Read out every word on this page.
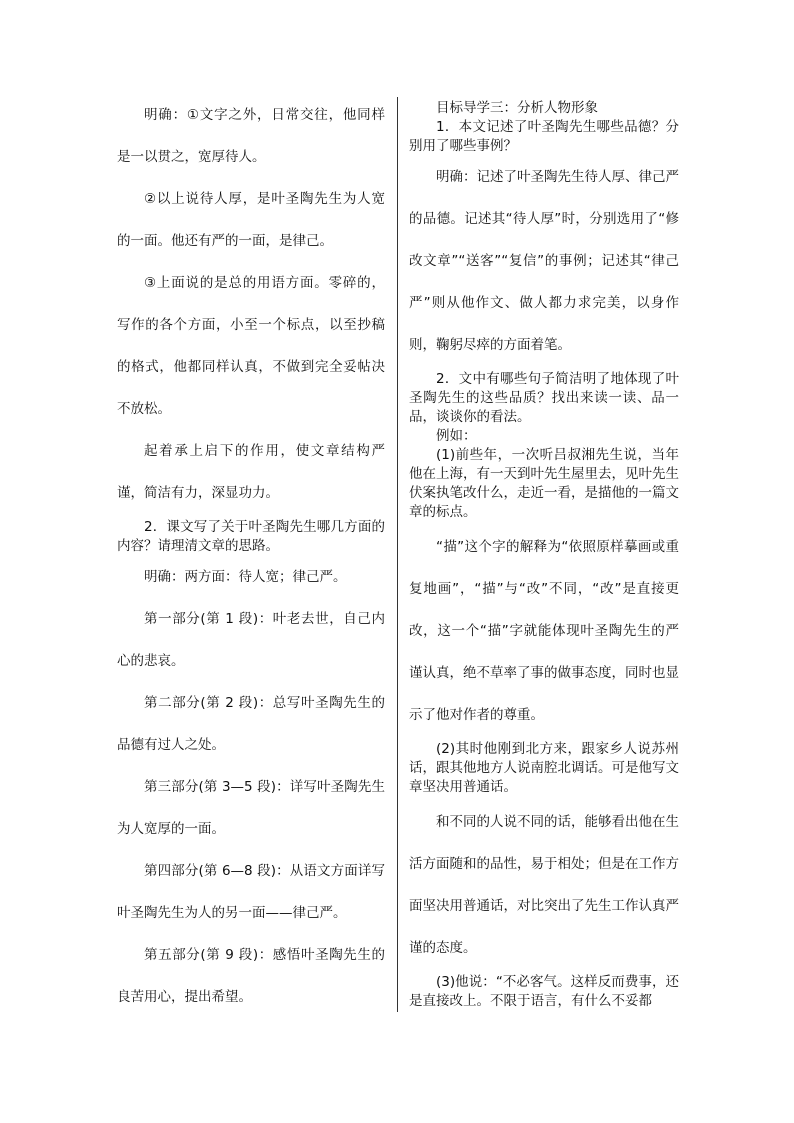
明确：①文字之外，日常交往，他同样是一以贯之，宽厚待人。

②以上说待人厚，是叶圣陶先生为人宽的一面。他还有严的一面，是律己。

③上面说的是总的用语方面。零碎的，写作的各个方面，小至一个标点，以至抄稿的格式，他都同样认真，不做到完全妥帖决不放松。

起着承上启下的作用，使文章结构严谨，简洁有力，深显功力。

2．课文写了关于叶圣陶先生哪几方面的内容？请理清文章的思路。

明确：两方面：待人宽；律己严。

第一部分(第 1 段)：叶老去世，自己内心的悲哀。

第二部分(第 2 段)：总写叶圣陶先生的品德有过人之处。

第三部分(第 3—5 段)：详写叶圣陶先生为人宽厚的一面。

第四部分(第 6—8 段)：从语文方面详写叶圣陶先生为人的另一面——律己严。

第五部分(第 9 段)：感悟叶圣陶先生的良苦用心，提出希望。

目标导学三：分析人物形象

1．本文记述了叶圣陶先生哪些品德？分别用了哪些事例？

明确：记述了叶圣陶先生待人厚、律己严的品德。记述其“待人厚”时，分别选用了“修改文章”“送客”“复信”的事例；记述其“律己严”则从他作文、做人都力求完美，以身作则，鞠躬尽瘁的方面着笔。

2．文中有哪些句子简洁明了地体现了叶圣陶先生的这些品质？找出来读一读、品一品，谈谈你的看法。

例如：

(1)前些年，一次听吕叔湘先生说，当年他在上海，有一天到叶先生屋里去，见叶先生伏案执笔改什么，走近一看，是描他的一篇文章的标点。

“描”这个字的解释为“依照原样摹画或重复地画”，“描”与“改”不同，“改”是直接更改，这一个“描”字就能体现叶圣陶先生的严谨认真，绝不草率了事的做事态度，同时也显示了他对作者的尊重。

(2)其时他刚到北方来，跟家乡人说苏州话，跟其他地方人说南腔北调话。可是他写文章坚决用普通话。

和不同的人说不同的话，能够看出他在生活方面随和的品性，易于相处；但是在工作方面坚决用普通话，对比突出了先生工作认真严谨的态度。

(3)他说：“不必客气。这样反而费事，还是直接改上。不限于语言，有什么不妥都
